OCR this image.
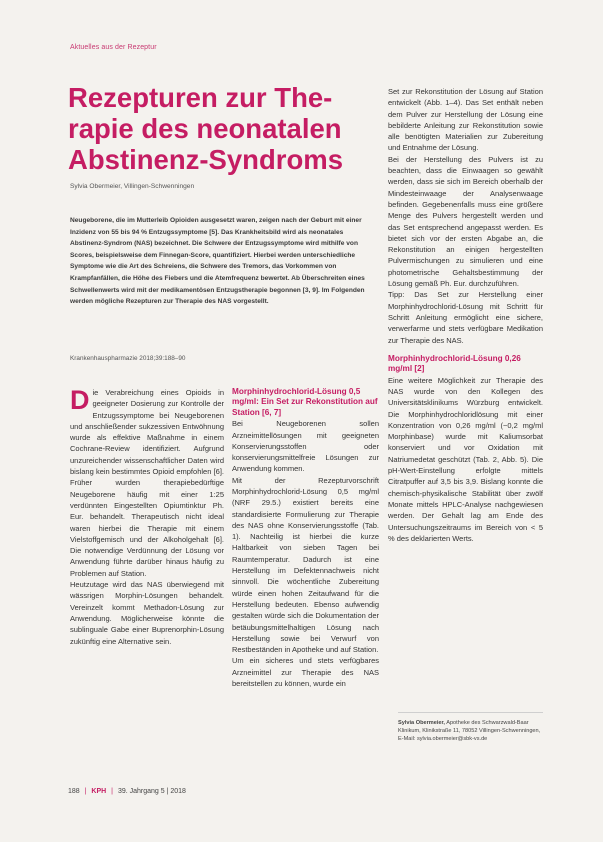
Aktuelles aus der Rezeptur
Rezepturen zur The-
rapie des neonatalen
Abstinenz-Syndroms
Sylvia Obermeier, Villingen-Schwenningen

Neugeborene, die im Mutterleib Opioiden ausgesetzt waren, zeigen nach der Geburt mit einer Inzidenz von 55 bis 94 % Entzugssymptome [5]. Das Krankheitsbild wird als neonatales Abstinenz-Syndrom (NAS) bezeichnet. Die Schwere der Entzugssymptome wird mithilfe von Scores, beispielsweise dem Finnegan-Score, quantifiziert. Hierbei werden unterschiedliche Symptome wie die Art des Schreiens, die Schwere des Tremors, das Vorkommen von Krampfanfällen, die Höhe des Fiebers und die Atemfrequenz bewertet. Ab Überschreiten eines Schwellenwerts wird mit der medikamentösen Entzugstherapie begonnen [3, 9]. Im Folgenden werden mögliche Rezepturen zur Therapie des NAS vorgestellt.

Krankenhauspharmazie 2018;39:188–90

Die Verabreichung eines Opioids in geeigneter Dosierung zur Kontrolle der Entzugssymptome bei Neugeborenen und anschließender sukzessiven Entwöhnung wurde als effektive Maßnahme in einem Cochrane-Review identifiziert. Aufgrund unzureichender wissenschaftlicher Daten wird bislang kein bestimmtes Opioid empfohlen [6]. Früher wurden therapiebedürftige Neugeborene häufig mit einer 1:25 verdünnten Eingestellten Opiumtinktur Ph. Eur. behandelt. Therapeutisch nicht ideal waren hierbei die Therapie mit einem Vielstoffgemisch und der Alkoholgehalt [6]. Die notwendige Verdünnung der Lösung vor Anwendung führte darüber hinaus häufig zu Problemen auf Station.

Heutzutage wird das NAS überwiegend mit wässrigen Morphin-Lösungen behandelt. Vereinzelt kommt Methadon-Lösung zur Anwendung. Möglicherweise könnte die sublinguale Gabe einer Buprenorphin-Lösung zukünftig eine Alternative sein.

Morphinhydrochlorid-Lösung 0,5 mg/ml: Ein Set zur Rekonstitution auf Station [6, 7]

Bei Neugeborenen sollen Arzneimittellösungen mit geeigneten Konservierungsstoffen oder konservierungsmittelfreie Lösungen zur Anwendung kommen.

Mit der Rezepturvorschrift Morphinhydrochlorid-Lösung 0,5 mg/ml (NRF 29.5.) existiert bereits eine standardisierte Formulierung zur Therapie des NAS ohne Konservierungsstoffe (Tab. 1). Nachteilig ist hierbei die kurze Haltbarkeit von sieben Tagen bei Raumtemperatur. Dadurch ist eine Herstellung im Defektennachweis nicht sinnvoll. Die wöchentliche Zubereitung würde einen hohen Zeitaufwand für die Herstellung bedeuten. Ebenso aufwendig gestalten würde sich die Dokumentation der betäubungsmittelhaltigen Lösung nach Herstellung sowie bei Verwurf von Restbeständen in Apotheke und auf Station.

Um ein sicheres und stets verfügbares Arzneimittel zur Therapie des NAS bereitstellen zu können, wurde ein

Set zur Rekonstitution der Lösung auf Station entwickelt (Abb. 1–4). Das Set enthält neben dem Pulver zur Herstellung der Lösung eine bebilderte Anleitung zur Rekonstitution sowie alle benötigten Materialien zur Zubereitung und Entnahme der Lösung.

Bei der Herstellung des Pulvers ist zu beachten, dass die Einwaagen so gewählt werden, dass sie sich im Bereich oberhalb der Mindesteinwaage der Analysenwaage befinden. Gegebenenfalls muss eine größere Menge des Pulvers hergestellt werden und das Set entsprechend angepasst werden. Es bietet sich vor der ersten Abgabe an, die Rekonstitution an einigen hergestellten Pulvermischungen zu simulieren und eine photometrische Gehaltsbestimmung der Lösung gemäß Ph. Eur. durchzuführen.

Tipp: Das Set zur Herstellung einer Morphinhydrochlorid-Lösung mit Schritt für Schritt Anleitung ermöglicht eine sichere, verwerfarme und stets verfügbare Medikation zur Therapie des NAS.

Morphinhydrochlorid-Lösung 0,26 mg/ml [2]

Eine weitere Möglichkeit zur Therapie des NAS wurde von den Kollegen des Universitätsklinikums Würzburg entwickelt. Die Morphinhydrochloridlösung mit einer Konzentration von 0,26 mg/ml (~0,2 mg/ml Morphinbase) wurde mit Kaliumsorbat konserviert und vor Oxidation mit Natriumedetat geschützt (Tab. 2, Abb. 5). Die pH-Wert-Einstellung erfolgte mittels Citratpuffer auf 3,5 bis 3,9. Bislang konnte die chemisch-physikalische Stabilität über zwölf Monate mittels HPLC-Analyse nachgewiesen werden. Der Gehalt lag am Ende des Untersuchungszeitraums im Bereich von < 5 % des deklarierten Werts.

Sylvia Obermeier, Apotheke des Schwarzwald-Baar Klinikum, Klinikstraße 11, 78052 Villingen-Schwenningen, E-Mail: sylvia.obermeier@sbk-vs.de
188 | KPH | 39. Jahrgang 5 | 2018
